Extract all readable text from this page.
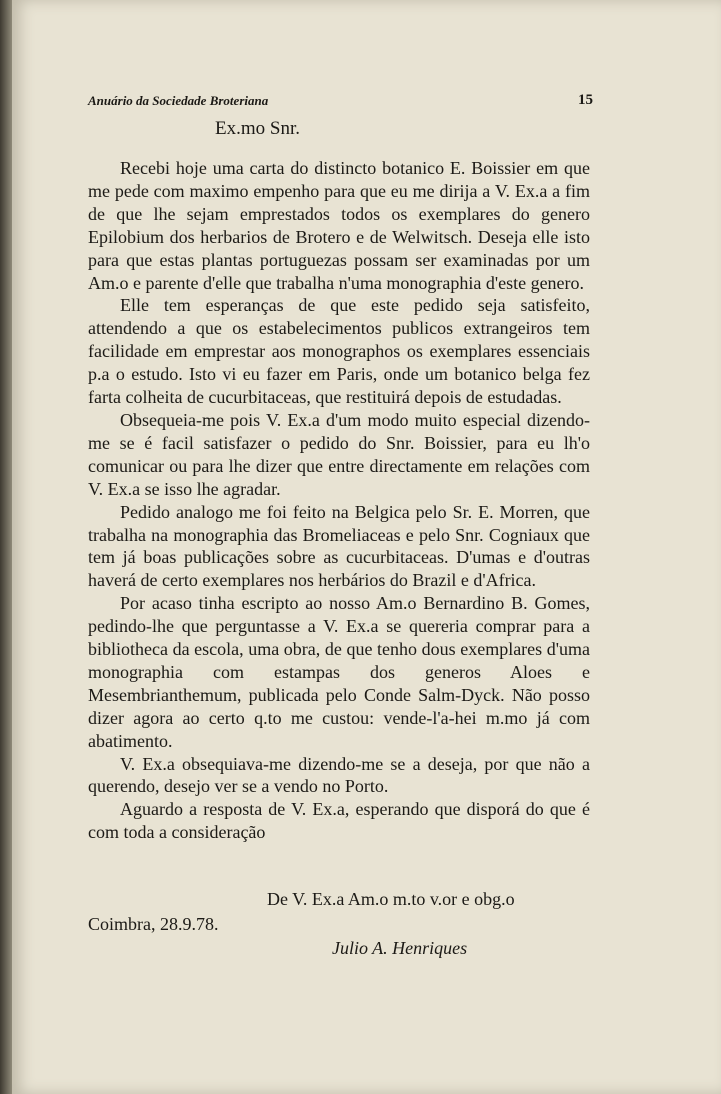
Anuário da Sociedade Broteriana	15
Ex.mo Snr.

Recebi hoje uma carta do distincto botanico E. Boissier em que me pede com maximo empenho para que eu me dirija a V. Ex.a a fim de que lhe sejam emprestados todos os exemplares do genero Epilobium dos herbarios de Brotero e de Welwitsch. Deseja elle isto para que estas plantas portuguezas possam ser examinadas por um Am.o e parente d'elle que trabalha n'uma monographia d'este genero.

Elle tem esperanças de que este pedido seja satisfeito, attendendo a que os estabelecimentos publicos extrangeiros tem facilidade em emprestar aos monographos os exemplares essenciais p.a o estudo. Isto vi eu fazer em Paris, onde um botanico belga fez farta colheita de cucurbitaceas, que restituirá depois de estudadas.

Obsequeia-me pois V. Ex.a d'um modo muito especial dizendo-me se é facil satisfazer o pedido do Snr. Boissier, para eu lh'o comunicar ou para lhe dizer que entre directamente em relações com V. Ex.a se isso lhe agradar.

Pedido analogo me foi feito na Belgica pelo Sr. E. Morren, que trabalha na monographia das Bromeliaceas e pelo Snr. Cogniaux que tem já boas publicações sobre as cucurbitaceas. D'umas e d'outras haverá de certo exemplares nos herbários do Brazil e d'Africa.

Por acaso tinha escripto ao nosso Am.o Bernardino B. Gomes, pedindo-lhe que perguntasse a V. Ex.a se quereria comprar para a bibliotheca da escola, uma obra, de que tenho dous exemplares d'uma monographia com estampas dos generos Aloes e Mesembrianthemum, publicada pelo Conde Salm-Dyck. Não posso dizer agora ao certo q.to me custou: vende-l'a-hei m.mo já com abatimento.

V. Ex.a obsequiava-me dizendo-me se a deseja, por que não a querendo, desejo ver se a vendo no Porto.

Aguardo a resposta de V. Ex.a, esperando que disporá do que é com toda a consideração

De V. Ex.a Am.o m.to v.or e obg.o
Coimbra, 28.9.78.
Julio A. Henriques
